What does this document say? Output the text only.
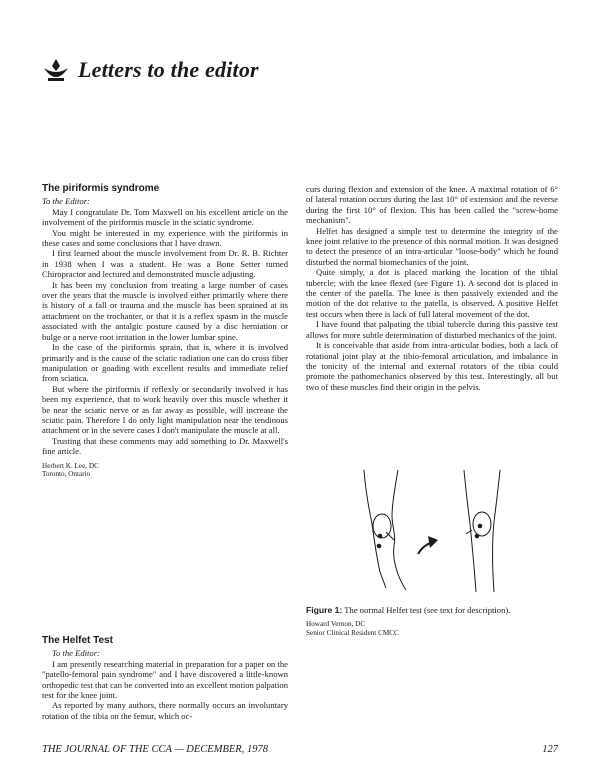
Letters to the editor
The piriformis syndrome

To the Editor:

May I congratulate Dr. Tom Maxwell on his excellent article on the involvement of the piriformis muscle in the sciatic syndrome.

You might be interested in my experience with the piriformis in these cases and some conclusions that I have drawn.

I first learned about the muscle involvement from Dr. R. B. Richter in 1938 when I was a student. He was a Bone Setter turned Chiropractor and lectured and demonstrated muscle adjusting.

It has been my conclusion from treating a large number of cases over the years that the muscle is involved either primarily where there is history of a fall or trauma and the muscle has been sprained at its attachment on the trochanter, or that it is a reflex spasm in the muscle associated with the antalgic posture caused by a disc herniation or bulge or a nerve root irritation in the lower lumbar spine.

In the case of the piriformis sprain, that is, where it is involved primarily and is the cause of the sciatic radiation one can do cross fiber manipulation or goading with excellent results and immediate relief from sciatica.

But where the piriformis if reflexly or secondarily involved it has been my experience, that to work heavily over this muscle whether it be near the sciatic nerve or as far away as possible, will increase the sciatic pain. Therefore I do only light manipulation near the tendinous attachment or in the severe cases I don't manipulate the muscle at all.

Trusting that these comments may add something to Dr. Maxwell's fine article.

Herbert K. Lee, DC
Toronto, Ontario
The Helfet Test

To the Editor:

I am presently researching material in preparation for a paper on the "patello-femoral pain syndrome" and I have discovered a little-known orthopedic test that can be converted into an excellent motion palpation test for the knee joint.

As reported by many authors, there normally occurs an involuntary rotation of the tibia on the femur, which oc-

curs during flexion and extension of the knee. A maximal rotation of 6° of lateral rotation occurs during the last 10° of extension and the reverse during the first 10° of flexion. This has been called the "screw-home mechanism".

Helfet has designed a simple test to determine the integrity of the knee joint relative to the presence of this normal motion. It was designed to detect the presence of an intra-articular "loose-body" which he found disturbed the normal biomechanics of the joint.

Quite simply, a dot is placed marking the location of the tibial tubercle; with the knee flexed (see Figure 1). A second dot is placed in the center of the patella. The knee is then passively extended and the motion of the dot relative to the patella, is observed. A positive Helfet test occurs when there is lack of full lateral movement of the dot.

I have found that palpating the tibial tubercle during this passive test allows for more subtle determination of disturbed mechanics of the joint.

It is conceivable that aside from intra-articular bodies, both a lack of rotational joint play at the tibio-femoral articulation, and imbalance in the tonicity of the internal and external rotators of the tibia could promote the pathomechanics observed by this test. Interestingly, all but two of these muscles find their origin in the pelvis.

Figure 1: The normal Helfet test (see text for description).
Howard Vernon, DC
Senior Clinical Resident CMCC
THE JOURNAL OF THE CCA — DECEMBER, 1978	127
